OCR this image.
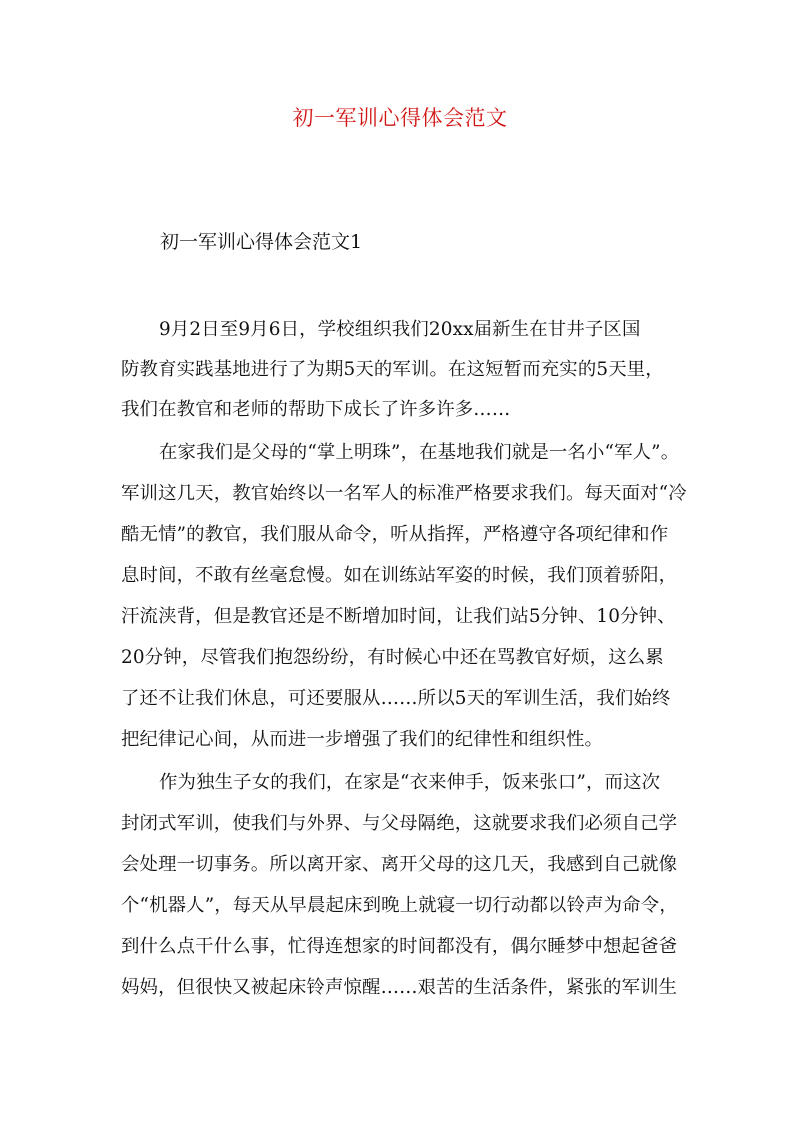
初一军训心得体会范文
初一军训心得体会范文1
9月2日至9月6日，学校组织我们20xx届新生在甘井子区国
防教育实践基地进行了为期5天的军训。在这短暂而充实的5天里，
我们在教官和老师的帮助下成长了许多许多……
在家我们是父母的“掌上明珠”，在基地我们就是一名小“军人”。
军训这几天，教官始终以一名军人的标准严格要求我们。每天面对“冷
酷无情”的教官，我们服从命令，听从指挥，严格遵守各项纪律和作
息时间，不敢有丝毫怠慢。如在训练站军姿的时候，我们顶着骄阳，
汗流浃背，但是教官还是不断增加时间，让我们站5分钟、10分钟、
20分钟，尽管我们抱怨纷纷，有时候心中还在骂教官好烦，这么累
了还不让我们休息，可还要服从……所以5天的军训生活，我们始终
把纪律记心间，从而进一步增强了我们的纪律性和组织性。
作为独生子女的我们，在家是“衣来伸手，饭来张口”，而这次
封闭式军训，使我们与外界、与父母隔绝，这就要求我们必须自己学
会处理一切事务。所以离开家、离开父母的这几天，我感到自己就像
个“机器人”，每天从早晨起床到晚上就寝一切行动都以铃声为命令，
到什么点干什么事，忙得连想家的时间都没有，偶尔睡梦中想起爸爸
妈妈，但很快又被起床铃声惊醒……艰苦的生活条件，紧张的军训生
